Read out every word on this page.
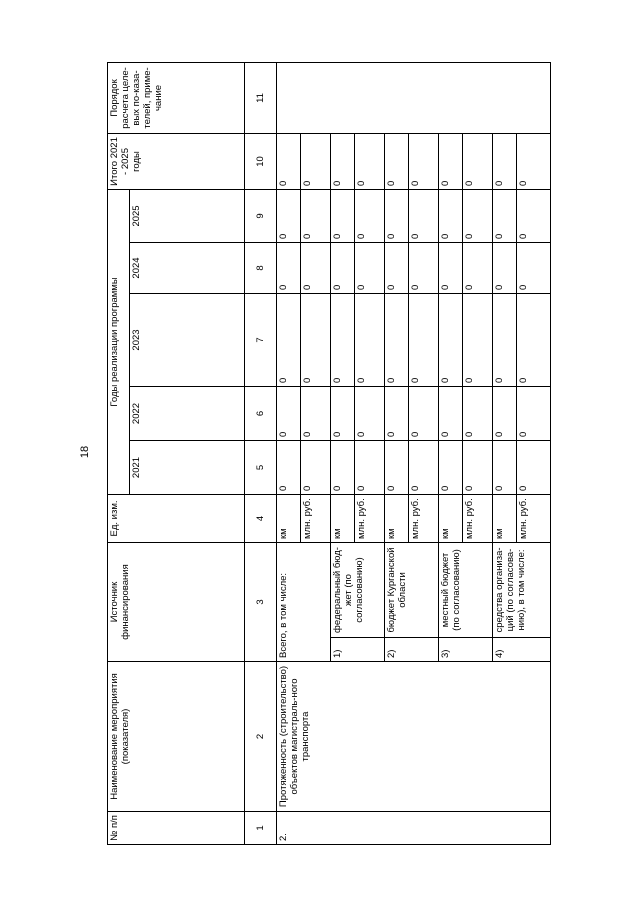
18
№ п/п	Наименование мероприятия (показателя)	Источник финансирования		Ед. изм.	Годы реализации программы					Итого 2021 - 2025 годы	Порядок расчета целе-вых по-каза-телей, приме-чание
					2021	2022	2023	2024	2025		
1	2	3		4	5	6	7	8	9	10	11
2.	Протяженность (строительство) объектов магистраль-ного транспорта	Всего, в том числе:		км	0	0	0	0	0	0	
				млн. руб.	0	0	0	0	0	0	
		1)	федеральный бюд-жет (по согласованию)	км	0	0	0	0	0	0	
				млн. руб.	0	0	0	0	0	0	
		2)	бюджет Курганской области	км	0	0	0	0	0	0	
				млн. руб.	0	0	0	0	0	0	
		3)	местный бюджет (по согласованию)	км	0	0	0	0	0	0	
				млн. руб.	0	0	0	0	0	0	
		4)	средства организа-ций (по согласова-нию), в том числе:	км	0	0	0	0	0	0	
				млн. руб.	0	0	0	0	0	0	
